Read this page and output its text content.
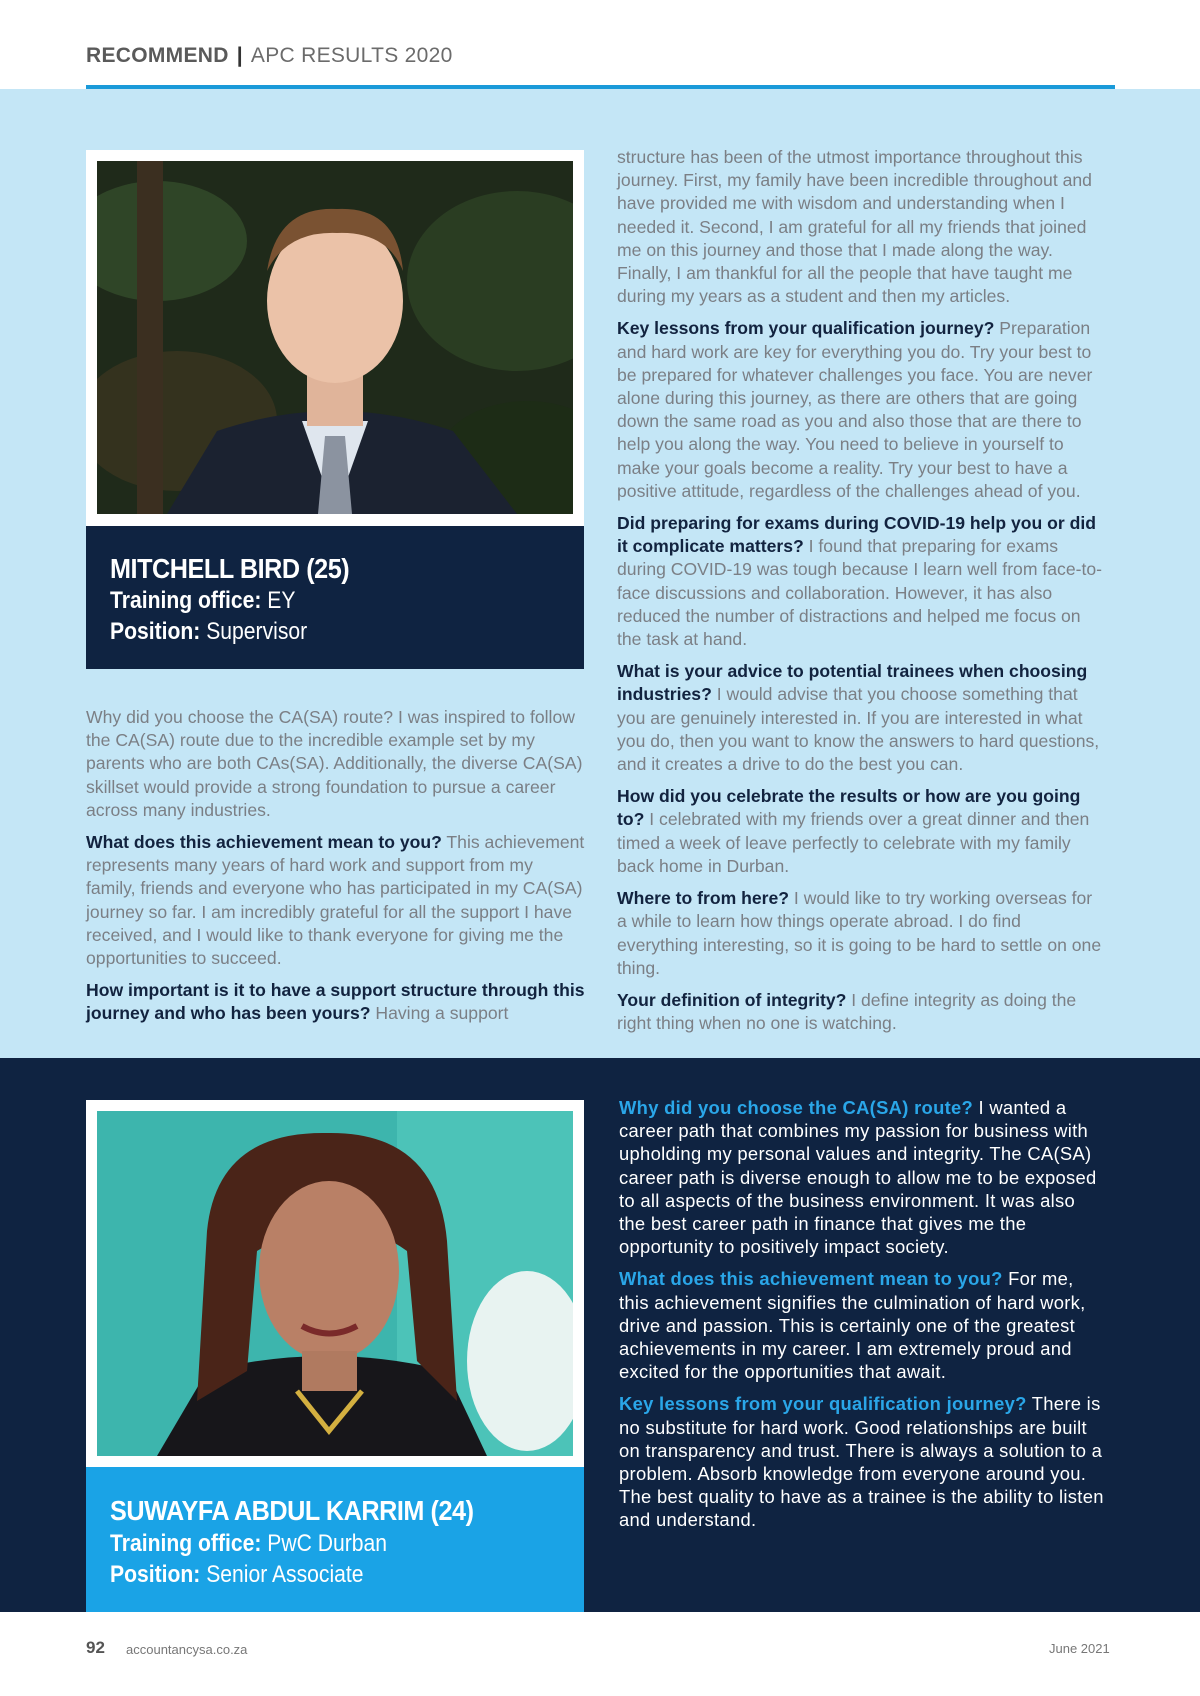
RECOMMEND | APC RESULTS 2020
MITCHELL BIRD (25)
Training office: EY
Position: Supervisor

Why did you choose the CA(SA) route? I was inspired to follow the CA(SA) route due to the incredible example set by my parents who are both CAs(SA). Additionally, the diverse CA(SA) skillset would provide a strong foundation to pursue a career across many industries.

What does this achievement mean to you? This achievement represents many years of hard work and support from my family, friends and everyone who has participated in my CA(SA) journey so far. I am incredibly grateful for all the support I have received, and I would like to thank everyone for giving me the opportunities to succeed.

How important is it to have a support structure through this journey and who has been yours? Having a support

structure has been of the utmost importance throughout this journey. First, my family have been incredible throughout and have provided me with wisdom and understanding when I needed it. Second, I am grateful for all my friends that joined me on this journey and those that I made along the way. Finally, I am thankful for all the people that have taught me during my years as a student and then my articles.

Key lessons from your qualification journey? Preparation and hard work are key for everything you do. Try your best to be prepared for whatever challenges you face. You are never alone during this journey, as there are others that are going down the same road as you and also those that are there to help you along the way. You need to believe in yourself to make your goals become a reality. Try your best to have a positive attitude, regardless of the challenges ahead of you.

Did preparing for exams during COVID-19 help you or did it complicate matters? I found that preparing for exams during COVID-19 was tough because I learn well from face-to-face discussions and collaboration. However, it has also reduced the number of distractions and helped me focus on the task at hand.

What is your advice to potential trainees when choosing industries? I would advise that you choose something that you are genuinely interested in. If you are interested in what you do, then you want to know the answers to hard questions, and it creates a drive to do the best you can.

How did you celebrate the results or how are you going to? I celebrated with my friends over a great dinner and then timed a week of leave perfectly to celebrate with my family back home in Durban.

Where to from here? I would like to try working overseas for a while to learn how things operate abroad. I do find everything interesting, so it is going to be hard to settle on one thing.

Your definition of integrity? I define integrity as doing the right thing when no one is watching.

SUWAYFA ABDUL KARRIM (24)
Training office: PwC Durban
Position: Senior Associate

Why did you choose the CA(SA) route? I wanted a career path that combines my passion for business with upholding my personal values and integrity. The CA(SA) career path is diverse enough to allow me to be exposed to all aspects of the business environment. It was also the best career path in finance that gives me the opportunity to positively impact society.

What does this achievement mean to you? For me, this achievement signifies the culmination of hard work, drive and passion. This is certainly one of the greatest achievements in my career. I am extremely proud and excited for the opportunities that await.

Key lessons from your qualification journey? There is no substitute for hard work. Good relationships are built on transparency and trust. There is always a solution to a problem. Absorb knowledge from everyone around you. The best quality to have as a trainee is the ability to listen and understand.

92 accountancysa.co.za	June 2021
